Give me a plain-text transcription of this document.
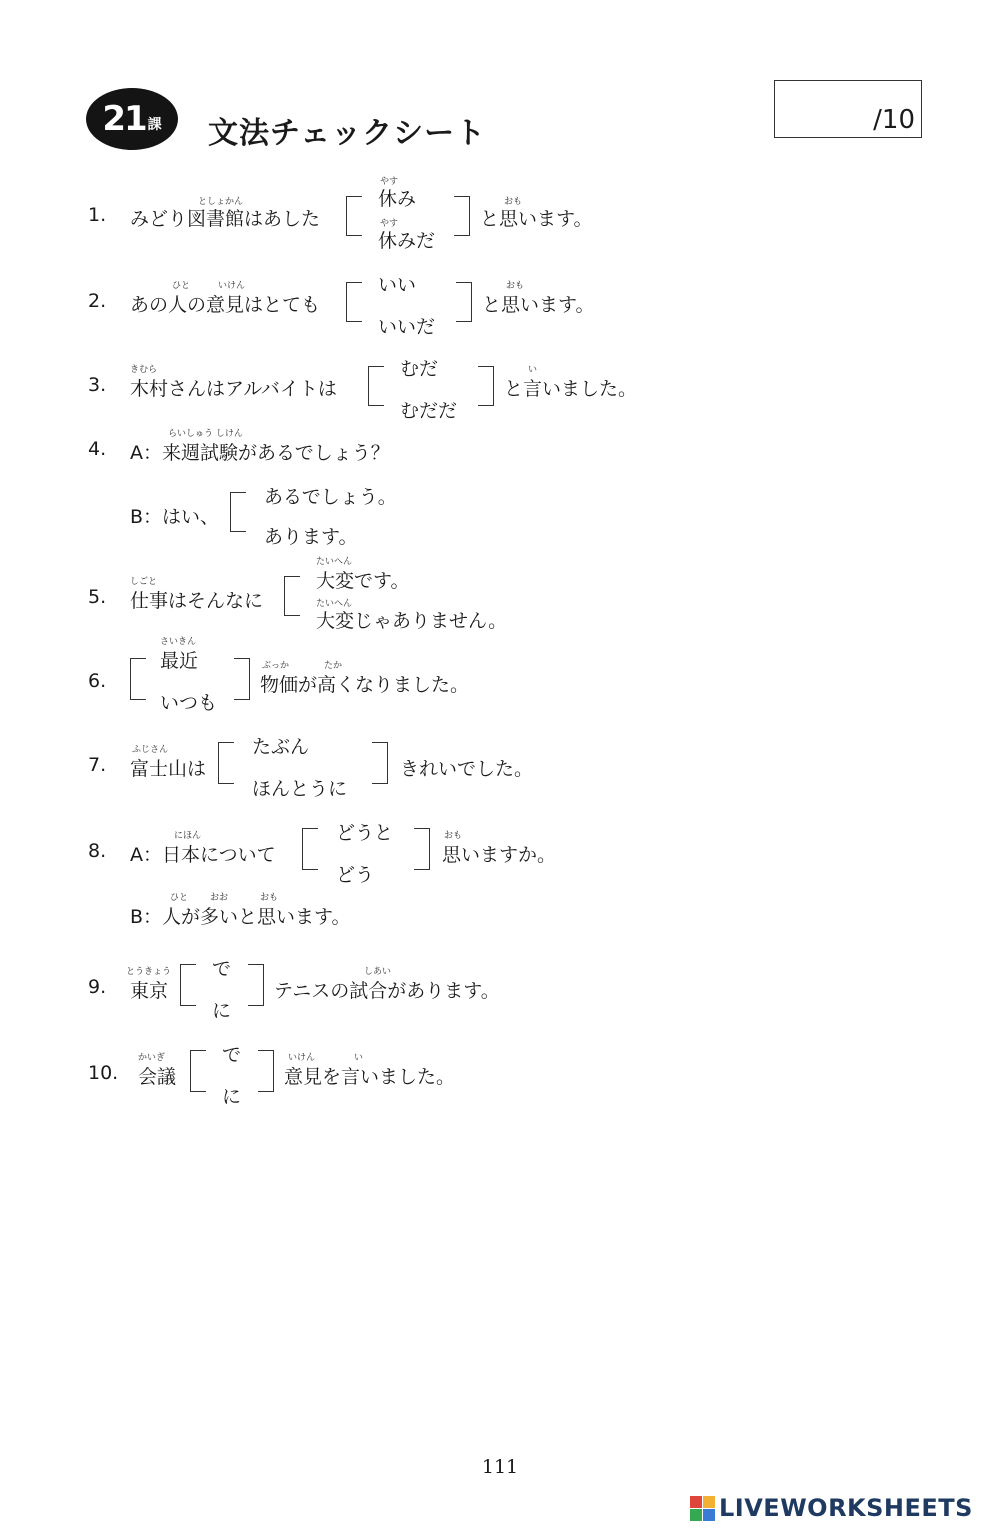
21 課 文法チェックシート	/10
1.
としょかん
みどり図書館はあした
やす
休み
やす
休みだ
おも
と思います。
2.
ひと	いけん
あの人の意見はとても
いい
いいだ
おも
と思います。
3.
きむら
木村さんはアルバイトは
むだ
むだだ
い
と言いました。
4.
らいしゅう しけん
A：来週試験があるでしょう？
B：はい、
あるでしょう。
あります。
5.
しごと
仕事はそんなに
たいへん
大変です。
たいへん
大変じゃありません。
6.
さいきん
最近
いつも
ぶっか	たか
物価が高くなりました。
7.
ふじさん
富士山は
たぶん
ほんとうに
きれいでした。
8.
にほん
A：日本について
どうと
どう
おも
思いますか。
ひと おお	おも
B：人が多いと思います。
9.
とうきょう
東京
で
に
しあい
テニスの試合があります。
10.
かいぎ
会議
で
に
いけん	い
意見を言いました。
111
LIVEWORKSHEETS
